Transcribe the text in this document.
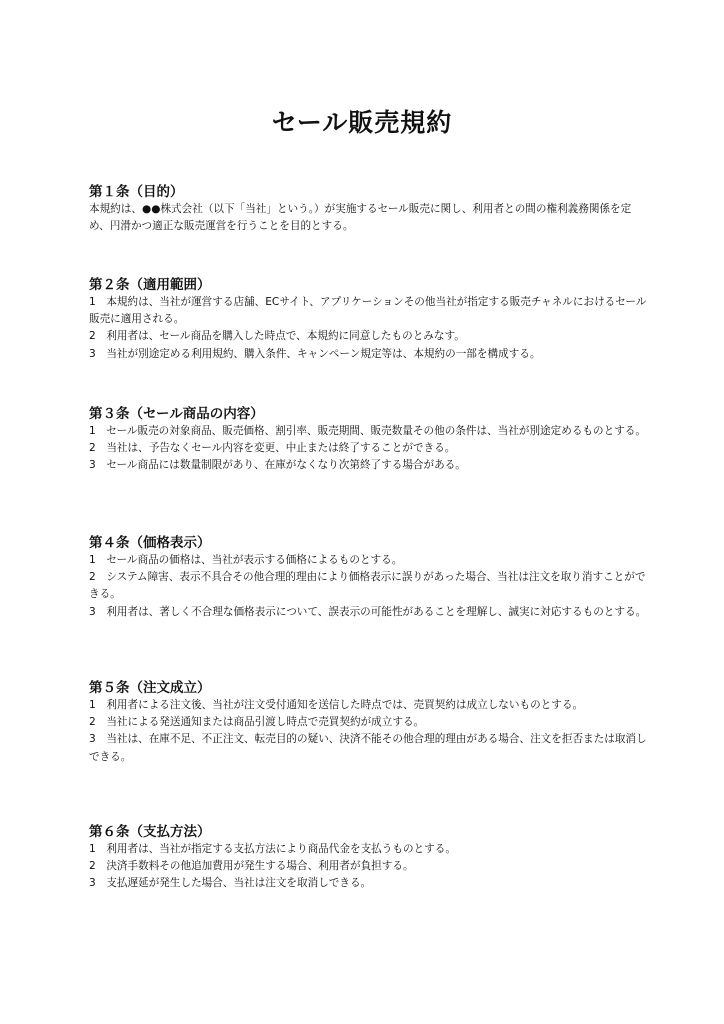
セール販売規約
第１条（目的）

本規約は、●●株式会社（以下「当社」という。）が実施するセール販売に関し、利用者との間の権利義務関係を定め、円滑かつ適正な販売運営を行うことを目的とする。

第２条（適用範囲）

1　本規約は、当社が運営する店舗、ECサイト、アプリケーションその他当社が指定する販売チャネルにおけるセール販売に適用される。

2　利用者は、セール商品を購入した時点で、本規約に同意したものとみなす。

3　当社が別途定める利用規約、購入条件、キャンペーン規定等は、本規約の一部を構成する。

第３条（セール商品の内容）

1　セール販売の対象商品、販売価格、割引率、販売期間、販売数量その他の条件は、当社が別途定めるものとする。

2　当社は、予告なくセール内容を変更、中止または終了することができる。

3　セール商品には数量制限があり、在庫がなくなり次第終了する場合がある。

第４条（価格表示）

1　セール商品の価格は、当社が表示する価格によるものとする。

2　システム障害、表示不具合その他合理的理由により価格表示に誤りがあった場合、当社は注文を取り消すことができる。

3　利用者は、著しく不合理な価格表示について、誤表示の可能性があることを理解し、誠実に対応するものとする。

第５条（注文成立）

1　利用者による注文後、当社が注文受付通知を送信した時点では、売買契約は成立しないものとする。

2　当社による発送通知または商品引渡し時点で売買契約が成立する。

3　当社は、在庫不足、不正注文、転売目的の疑い、決済不能その他合理的理由がある場合、注文を拒否または取消しできる。

第６条（支払方法）

1　利用者は、当社が指定する支払方法により商品代金を支払うものとする。

2　決済手数料その他追加費用が発生する場合、利用者が負担する。

3　支払遅延が発生した場合、当社は注文を取消しできる。
